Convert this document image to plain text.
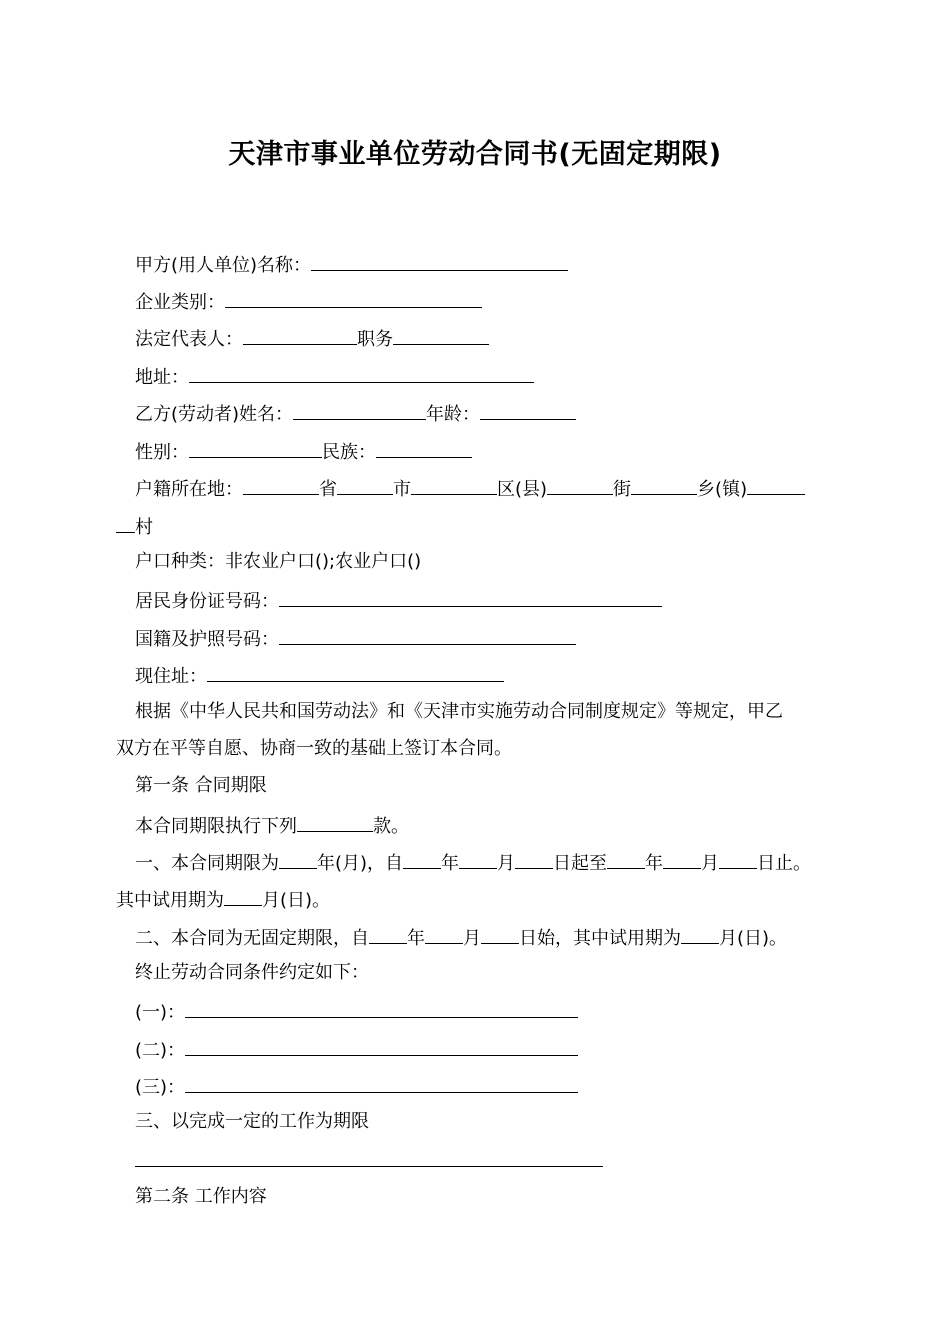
天津市事业单位劳动合同书(无固定期限)
甲方(用人单位)名称：
企业类别：
法定代表人：	职务
地址：
乙方(劳动者)姓名：	年龄：
性别：	民族：
户籍所在地：	省	市	区(县)	街	乡(镇)
村
户口种类：非农业户口();农业户口()
居民身份证号码：
国籍及护照号码：
现住址：
根据《中华人民共和国劳动法》和《天津市实施劳动合同制度规定》等规定，甲乙
双方在平等自愿、协商一致的基础上签订本合同。
第一条 合同期限
本合同期限执行下列	款。
一、本合同期限为 年(月)，自 年 月 日起至 年 月 日止。
其中试用期为 月(日)。
二、本合同为无固定期限，自 年 月 日始，其中试用期为 月(日)。
终止劳动合同条件约定如下：
(一)：
(二)：
(三)：
三、以完成一定的工作为期限
第二条 工作内容
